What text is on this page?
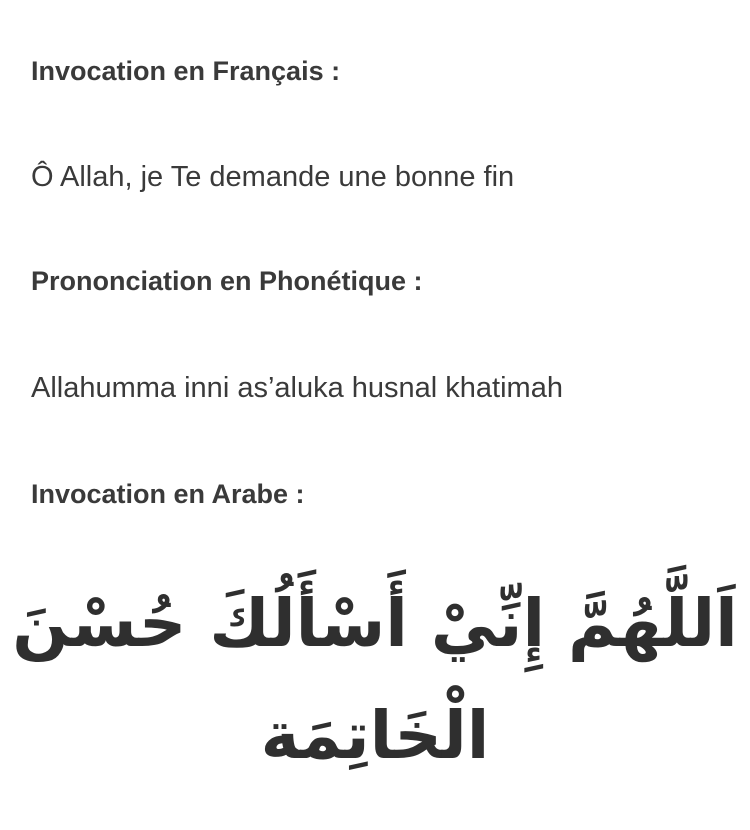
Invocation en Français :
Ô Allah, je Te demande une bonne fin
Prononciation en Phonétique :
Allahumma inni as’aluka husnal khatimah
Invocation en Arabe :
اَللَّهُمَّ إِنِّيْ أَسْأَلُكَ حُسْنَ
الْخَاتِمَة
